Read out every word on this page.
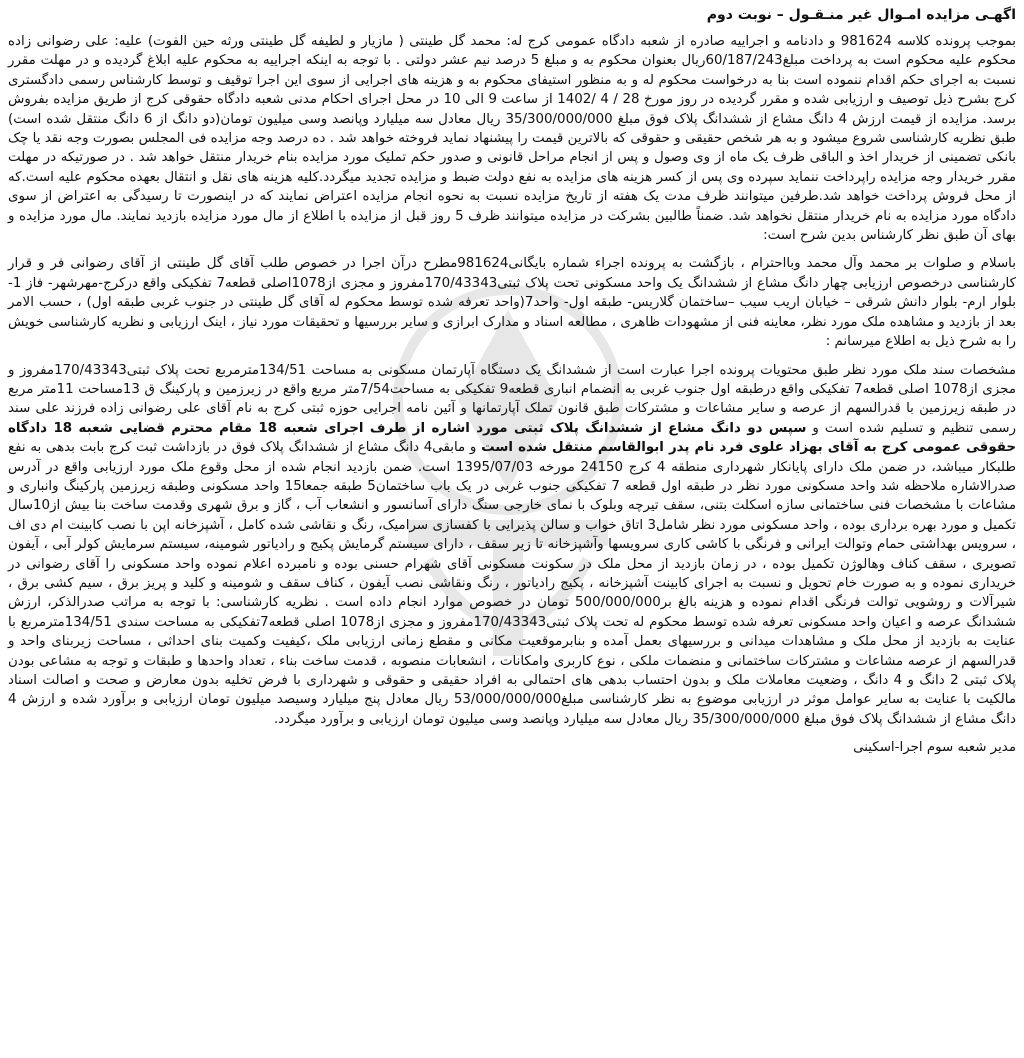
اگهـی مزایده امـوال غیر منـقـول – نوبت دوم

بموجب پرونده کلاسه 981624 و دادنامه و اجراییه صادره از شعبه دادگاه عمومی کرج له: محمد گل طینتی ( مازیار و لطیفه گل طینتی ورثه حین الفوت) علیه: علی رضوانی زاده محکوم علیه محکوم است به پرداخت مبلغ60/187/243ریال بعنوان محکوم به و مبلغ 5 درصد نیم عشر دولتی . با توجه به اینکه اجراییه به محکوم علیه ابلاغ گردیده و در مهلت مقرر نسبت به اجرای حکم اقدام ننموده است بنا به درخواست محکوم له و به منظور استیفای محکوم به و هزینه های اجرایی از سوی این اجرا توقیف و توسط کارشناس رسمی دادگستری کرج بشرح ذیل توصیف و ارزیابی شده و مقرر گردیده در روز مورخ 28 / 4 /1402 از ساعت 9 الی 10 در محل اجرای احکام مدنی شعبه دادگاه حقوقی کرج از طریق مزایده بفروش برسد. مزایده از قیمت ارزش 4 دانگ مشاع از ششدانگ پلاک فوق مبلغ 35/300/000/000 ریال معادل سه میلیارد وپانصد وسی میلیون تومان(دو دانگ از 6 دانگ منتقل شده است) طبق نظریه کارشناسی شروع میشود و به هر شخص حقیقی و حقوقی که بالاترین قیمت را پیشنهاد نماید فروخته خواهد شد . ده درصد وجه مزایده فی المجلس بصورت وجه نقد یا چک بانکی تضمینی از خریدار اخذ و الباقی ظرف یک ماه از وی وصول و پس از انجام مراحل قانونی و صدور حکم تملیک مورد مزایده بنام خریدار منتقل خواهد شد . در صورتیکه در مهلت مقرر خریدار وجه مزایده راپرداخت ننماید سپرده وی پس از کسر هزینه های مزایده به نفع دولت ضبط و مزایده تجدید میگردد.کلیه هزینه های نقل و انتقال بعهده محکوم علیه است.که از محل فروش پرداخت خواهد شد.طرفین میتوانند ظرف مدت یک هفته از تاریخ مزایده نسبت به نحوه انجام مزایده اعتراض نمایند که در اینصورت تا رسیدگی به اعتراض از سوی دادگاه مورد مزایده به نام خریدار منتقل نخواهد شد. ضمناً طالبین بشرکت در مزایده میتوانند ظرف 5 روز قبل از مزایده با اطلاع از مال مورد مزایده بازدید نمایند. مال مورد مزایده و بهای آن طبق نظر کارشناس بدین شرح است:

باسلام و صلوات بر محمد وآل محمد وبااحترام ، بازگشت به پرونده اجراء شماره بایگانی981624مطرح درآن اجرا در خصوص طلب آقای گل طینتی از آقای رضوانی فر و قرار کارشناسی درخصوص ارزیابی چهار دانگ مشاع از ششدانگ یک واحد مسکونی تحت پلاک ثبتی170/43343مفروز و مجزی از1078اصلی قطعه7 تفکیکی واقع درکرج-مهرشهر- فاز 1- بلوار ارم- بلوار دانش شرقی – خیابان اریب سیب –ساختمان گلاریس- طبقه اول- واحد7(واحد تعرفه شده توسط محکوم له آقای گل طینتی در جنوب غربی طبقه اول) ، حسب الامر بعد از بازدید و مشاهده ملک مورد نظر، معاینه فنی از مشهودات ظاهری ، مطالعه اسناد و مدارک ابرازی و سایر بررسیها و تحقیقات مورد نیاز ، اینک ارزیابی و نظریه کارشناسی خویش را به شرح ذیل به اطلاع میرسانم :

مشخصات سند ملک مورد نظر طبق محتویات پرونده اجرا عبارت است از ششدانگ یک دستگاه آپارتمان مسکونی به مساحت 134/51مترمربع تحت پلاک ثبتی170/43343مفروز و مجزی از1078 اصلی قطعه7 تفکیکی واقع درطبقه اول جنوب غربی به انضمام انباری قطعه9 تفکیکی به مساحت7/54متر مربع واقع در زیرزمین و پارکینگ ق 13مساحت 11متر مربع در طبقه زیرزمین با قدرالسهم از عرصه و سایر مشاعات و مشترکات طبق قانون تملک آپارتمانها و آئین نامه اجرایی حوزه ثبتی کرج به نام آقای علی رضوانی زاده فرزند علی سند رسمی تنظیم و تسلیم شده است و سپس دو دانگ مشاع از ششدانگ پلاک ثبتی مورد اشاره از طرف اجرای شعبه 18 مقام محترم قضایی شعبه 18 دادگاه حقوقی عمومی کرج به آقای بهزاد علوی فرد نام پدر ابوالقاسم منتقل شده است و مابقی4 دانگ مشاع از ششدانگ پلاک فوق در بازداشت ثبت کرج بابت بدهی به نفع طلبکار میباشد، در ضمن ملک دارای پایانکار شهرداری منطقه 4 کرج 24150 مورخه 1395/07/03 است. ضمن بازدید انجام شده از محل وقوع ملک مورد ارزیابی واقع در آدرس صدرالاشاره ملاحظه شد واحد مسکونی مورد نظر در طبقه اول قطعه 7 تفکیکی جنوب غربی در یک باب ساختمان5 طبقه جمعا15 واحد مسکونی وطبقه زیرزمین پارکینگ وانباری و مشاعات با مشخصات فنی ساختمانی سازه اسکلت بتنی، سقف تیرچه وبلوک با نمای خارجی سنگ دارای آسانسور و انشعاب آب ، گاز و برق شهری وقدمت ساخت بنا بیش از10سال تکمیل و مورد بهره برداری بوده ، واحد مسکونی مورد نظر شامل3 اتاق خواب و سالن پذیرایی با کفسازی سرامیک، رنگ و نقاشی شده کامل ، آشپزخانه اپن با نصب کابینت ام دی اف ، سرویس بهداشتی حمام وتوالت ایرانی و فرنگی با کاشی کاری سرویسها وآشپزخانه تا زیر سقف ، دارای سیستم گرمایش پکیج و رادیاتور شومینه، سیستم سرمایش کولر آبی ، آیفون تصویری ، سقف کناف وهالوژن تکمیل بوده ، در زمان بازدید از محل ملک در سکونت مسکونی آقای شهرام حسنی بوده و نامبرده اعلام نموده واحد مسکونی را آقای رضوانی در خریداری نموده و به صورت خام تحویل و نسبت به اجرای کابینت آشپزخانه ، پکیج رادیاتور ، رنگ ونقاشی نصب آیفون ، کناف سقف و شومینه و کلید و پریز برق ، سیم کشی برق ، شیرآلات و روشویی توالت فرنگی اقدام نموده و هزینه بالغ بر500/000/000 تومان در خصوص موارد انجام داده است . نظریه کارشناسی: با توجه به مراتب صدرالذکر، ارزش ششدانگ عرصه و اعیان واحد مسکونی تعرفه شده توسط محکوم له تحت پلاک ثبتی170/43343مفروز و مجزی از1078 اصلی قطعه7تفکیکی به مساحت سندی 134/51مترمربع با عنایت به بازدید از محل ملک و مشاهدات میدانی و بررسیهای بعمل آمده و بنابرموقعیت مکانی و مقطع زمانی ارزیابی ملک ،کیفیت وکمیت بنای احداثی ، مساحت زیربنای واحد و قدرالسهم از عرصه مشاعات و مشترکات ساختمانی و منضمات ملکی ، نوع کاربری وامکانات ، انشعابات منصوبه ، قدمت ساخت بناء ، تعداد واحدها و طبقات و توجه به مشاعی بودن پلاک ثبتی 2 دانگ و 4 دانگ ، وضعیت معاملات ملک و بدون احتساب بدهی های احتمالی به افراد حقیقی و حقوقی و شهرداری با فرض تخلیه بدون معارض و صحت و اصالت اسناد مالکیت با عنایت به سایر عوامل موثر در ارزیابی موضوع به نظر کارشناسی مبلغ53/000/000/000 ریال معادل پنج میلیارد وسیصد میلیون تومان ارزیابی و برآورد شده و ارزش 4 دانگ مشاع از ششدانگ پلاک فوق مبلغ 35/300/000/000 ریال معادل سه میلیارد وپانصد وسی میلیون تومان ارزیابی و برآورد میگردد.

مدیر شعبه سوم اجرا-اسکینی
